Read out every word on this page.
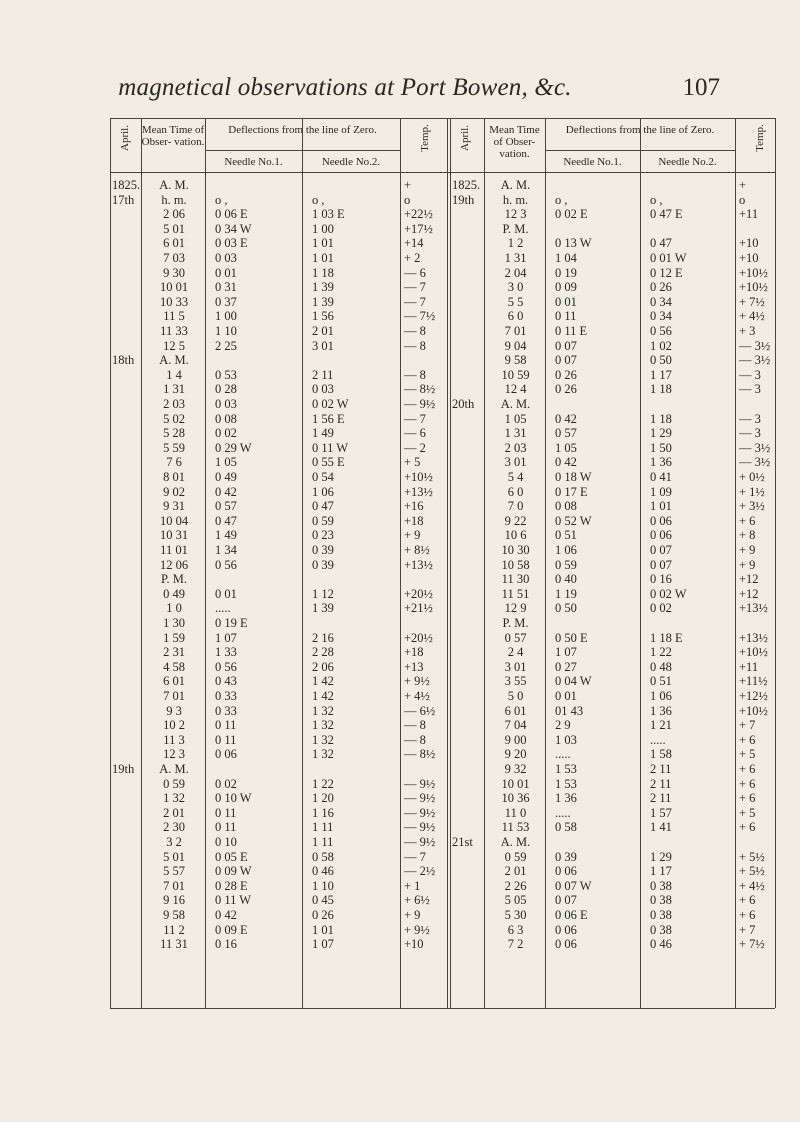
magnetical observations at Port Bowen, &c.	107
April.	Temp.
Mean Time of Obser- vation.
Deflections from the line of Zero.
Needle No.1.	Needle No.2.
1825.	A. M.	+
17th	h. m.	o ,	o ,	o
2 06	0 06 E	1 03 E	+22½
5 01	0 34 W	1 00	+17½
6 01	0 03 E	1 01	+14
7 03	0 03	1 01	+ 2
9 30	0 01	1 18	— 6
10 01	0 31	1 39	— 7
10 33	0 37	1 39	— 7
11 5	1 00	1 56	— 7½
11 33	1 10	2 01	— 8
12 5	2 25	3 01	— 8
18th	A. M.
1 4	0 53	2 11	— 8
1 31	0 28	0 03	— 8½
2 03	0 03	0 02 W	— 9½
5 02	0 08	1 56 E	— 7
5 28	0 02	1 49	— 6
5 59	0 29 W	0 11 W	— 2
7 6	1 05	0 55 E	+ 5
8 01	0 49	0 54	+10½
9 02	0 42	1 06	+13½
9 31	0 57	0 47	+16
10 04	0 47	0 59	+18
10 31	1 49	0 23	+ 9
11 01	1 34	0 39	+ 8½
12 06	0 56	0 39	+13½
P. M.
0 49	0 01	1 12	+20½
1 0	.....	1 39	+21½
1 30	0 19 E
1 59	1 07	2 16	+20½
2 31	1 33	2 28	+18
4 58	0 56	2 06	+13
6 01	0 43	1 42	+ 9½
7 01	0 33	1 42	+ 4½
9 3	0 33	1 32	— 6½
10 2	0 11	1 32	— 8
11 3	0 11	1 32	— 8
12 3	0 06	1 32	— 8½
19th	A. M.
0 59	0 02	1 22	— 9½
1 32	0 10 W	1 20	— 9½
2 01	0 11	1 16	— 9½
2 30	0 11	1 11	— 9½
3 2	0 10	1 11	— 9½
5 01	0 05 E	0 58	— 7
5 57	0 09 W	0 46	— 2½
7 01	0 28 E	1 10	+ 1
9 16	0 11 W	0 45	+ 6½
9 58	0 42	0 26	+ 9
11 2	0 09 E	1 01	+ 9½
11 31	0 16	1 07	+10
April.	Temp.
Mean Time of Obser- vation.
Deflections from the line of Zero.
Needle No.1.	Needle No.2.
1825.	A. M.	+
19th	h. m.	o ,	o ,	o
12 3	0 02 E	0 47 E	+11
P. M.
1 2	0 13 W	0 47	+10
1 31	1 04	0 01 W	+10
2 04	0 19	0 12 E	+10½
3 0	0 09	0 26	+10½
5 5	0 01	0 34	+ 7½
6 0	0 11	0 34	+ 4½
7 01	0 11 E	0 56	+ 3
9 04	0 07	1 02	— 3½
9 58	0 07	0 50	— 3½
10 59	0 26	1 17	— 3
12 4	0 26	1 18	— 3
20th	A. M.
1 05	0 42	1 18	— 3
1 31	0 57	1 29	— 3
2 03	1 05	1 50	— 3½
3 01	0 42	1 36	— 3½
5 4	0 18 W	0 41	+ 0½
6 0	0 17 E	1 09	+ 1½
7 0	0 08	1 01	+ 3½
9 22	0 52 W	0 06	+ 6
10 6	0 51	0 06	+ 8
10 30	1 06	0 07	+ 9
10 58	0 59	0 07	+ 9
11 30	0 40	0 16	+12
11 51	1 19	0 02 W	+12
12 9	0 50	0 02	+13½
P. M.
0 57	0 50 E	1 18 E	+13½
2 4	1 07	1 22	+10½
3 01	0 27	0 48	+11
3 55	0 04 W	0 51	+11½
5 0	0 01	1 06	+12½
6 01	01 43	1 36	+10½
7 04	2 9	1 21	+ 7
9 00	1 03	.....	+ 6
9 20	.....	1 58	+ 5
9 32	1 53	2 11	+ 6
10 01	1 53	2 11	+ 6
10 36	1 36	2 11	+ 6
11 0	.....	1 57	+ 5
11 53	0 58	1 41	+ 6
21st	A. M.
0 59	0 39	1 29	+ 5½
2 01	0 06	1 17	+ 5½
2 26	0 07 W	0 38	+ 4½
5 05	0 07	0 38	+ 6
5 30	0 06 E	0 38	+ 6
6 3	0 06	0 38	+ 7
7 2	0 06	0 46	+ 7½
